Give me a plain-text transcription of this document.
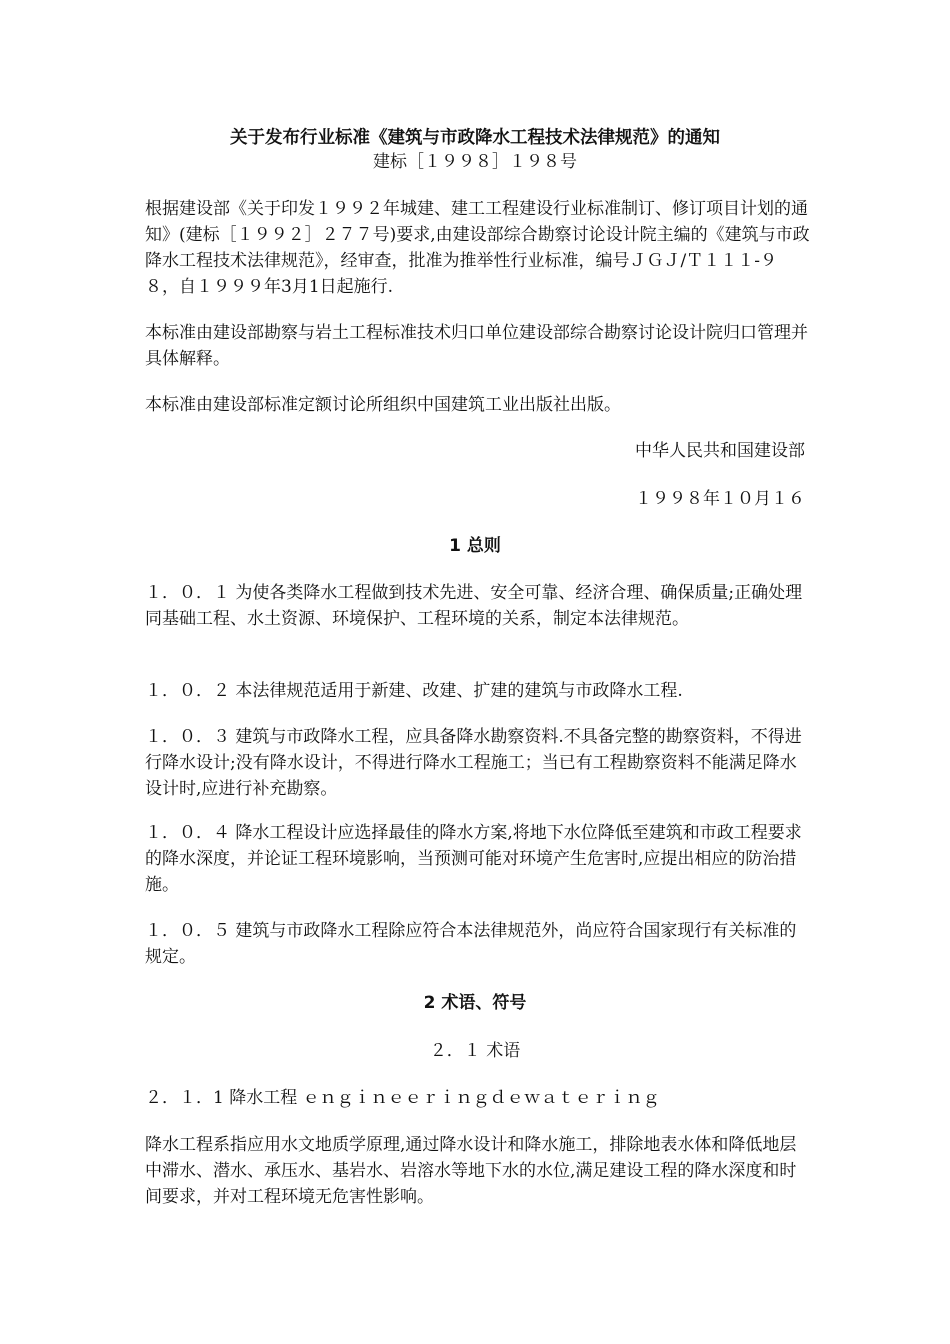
关于发布行业标准《建筑与市政降水工程技术法律规范》的通知
建标［１９９８］１９８号

根据建设部《关于印发１９９２年城建、建工工程建设行业标准制订、修订项目计划的通知》(建标［１９９２］２７７号)要求,由建设部综合勘察讨论设计院主编的《建筑与市政降水工程技术法律规范》，经审查，批准为推举性行业标准，编号ＪＧＪ/Ｔ１１１-９８，自１９９９年3月1日起施行.

本标准由建设部勘察与岩土工程标准技术归口单位建设部综合勘察讨论设计院归口管理并具体解释。

本标准由建设部标准定额讨论所组织中国建筑工业出版社出版。

中华人民共和国建设部
１９９８年１０月１６
1 总则

１．０．１ 为使各类降水工程做到技术先进、安全可靠、经济合理、确保质量;正确处理同基础工程、水土资源、环境保护、工程环境的关系，制定本法律规范。

１．０．２ 本法律规范适用于新建、改建、扩建的建筑与市政降水工程.

１．０．３ 建筑与市政降水工程，应具备降水勘察资料.不具备完整的勘察资料，不得进行降水设计;没有降水设计，不得进行降水工程施工；当已有工程勘察资料不能满足降水设计时,应进行补充勘察。

１．０．４ 降水工程设计应选择最佳的降水方案,将地下水位降低至建筑和市政工程要求的降水深度，并论证工程环境影响，当预测可能对环境产生危害时,应提出相应的防治措施。

１．０．５ 建筑与市政降水工程除应符合本法律规范外，尚应符合国家现行有关标准的规定。

2 术语、符号
２．１ 术语
２．１．1 降水工程 ｅｎｇｉｎｅｅｒｉｎｇｄｅｗａｔｅｒｉｎｇ

降水工程系指应用水文地质学原理,通过降水设计和降水施工，排除地表水体和降低地层中滞水、潜水、承压水、基岩水、岩溶水等地下水的水位,满足建设工程的降水深度和时间要求，并对工程环境无危害性影响。
